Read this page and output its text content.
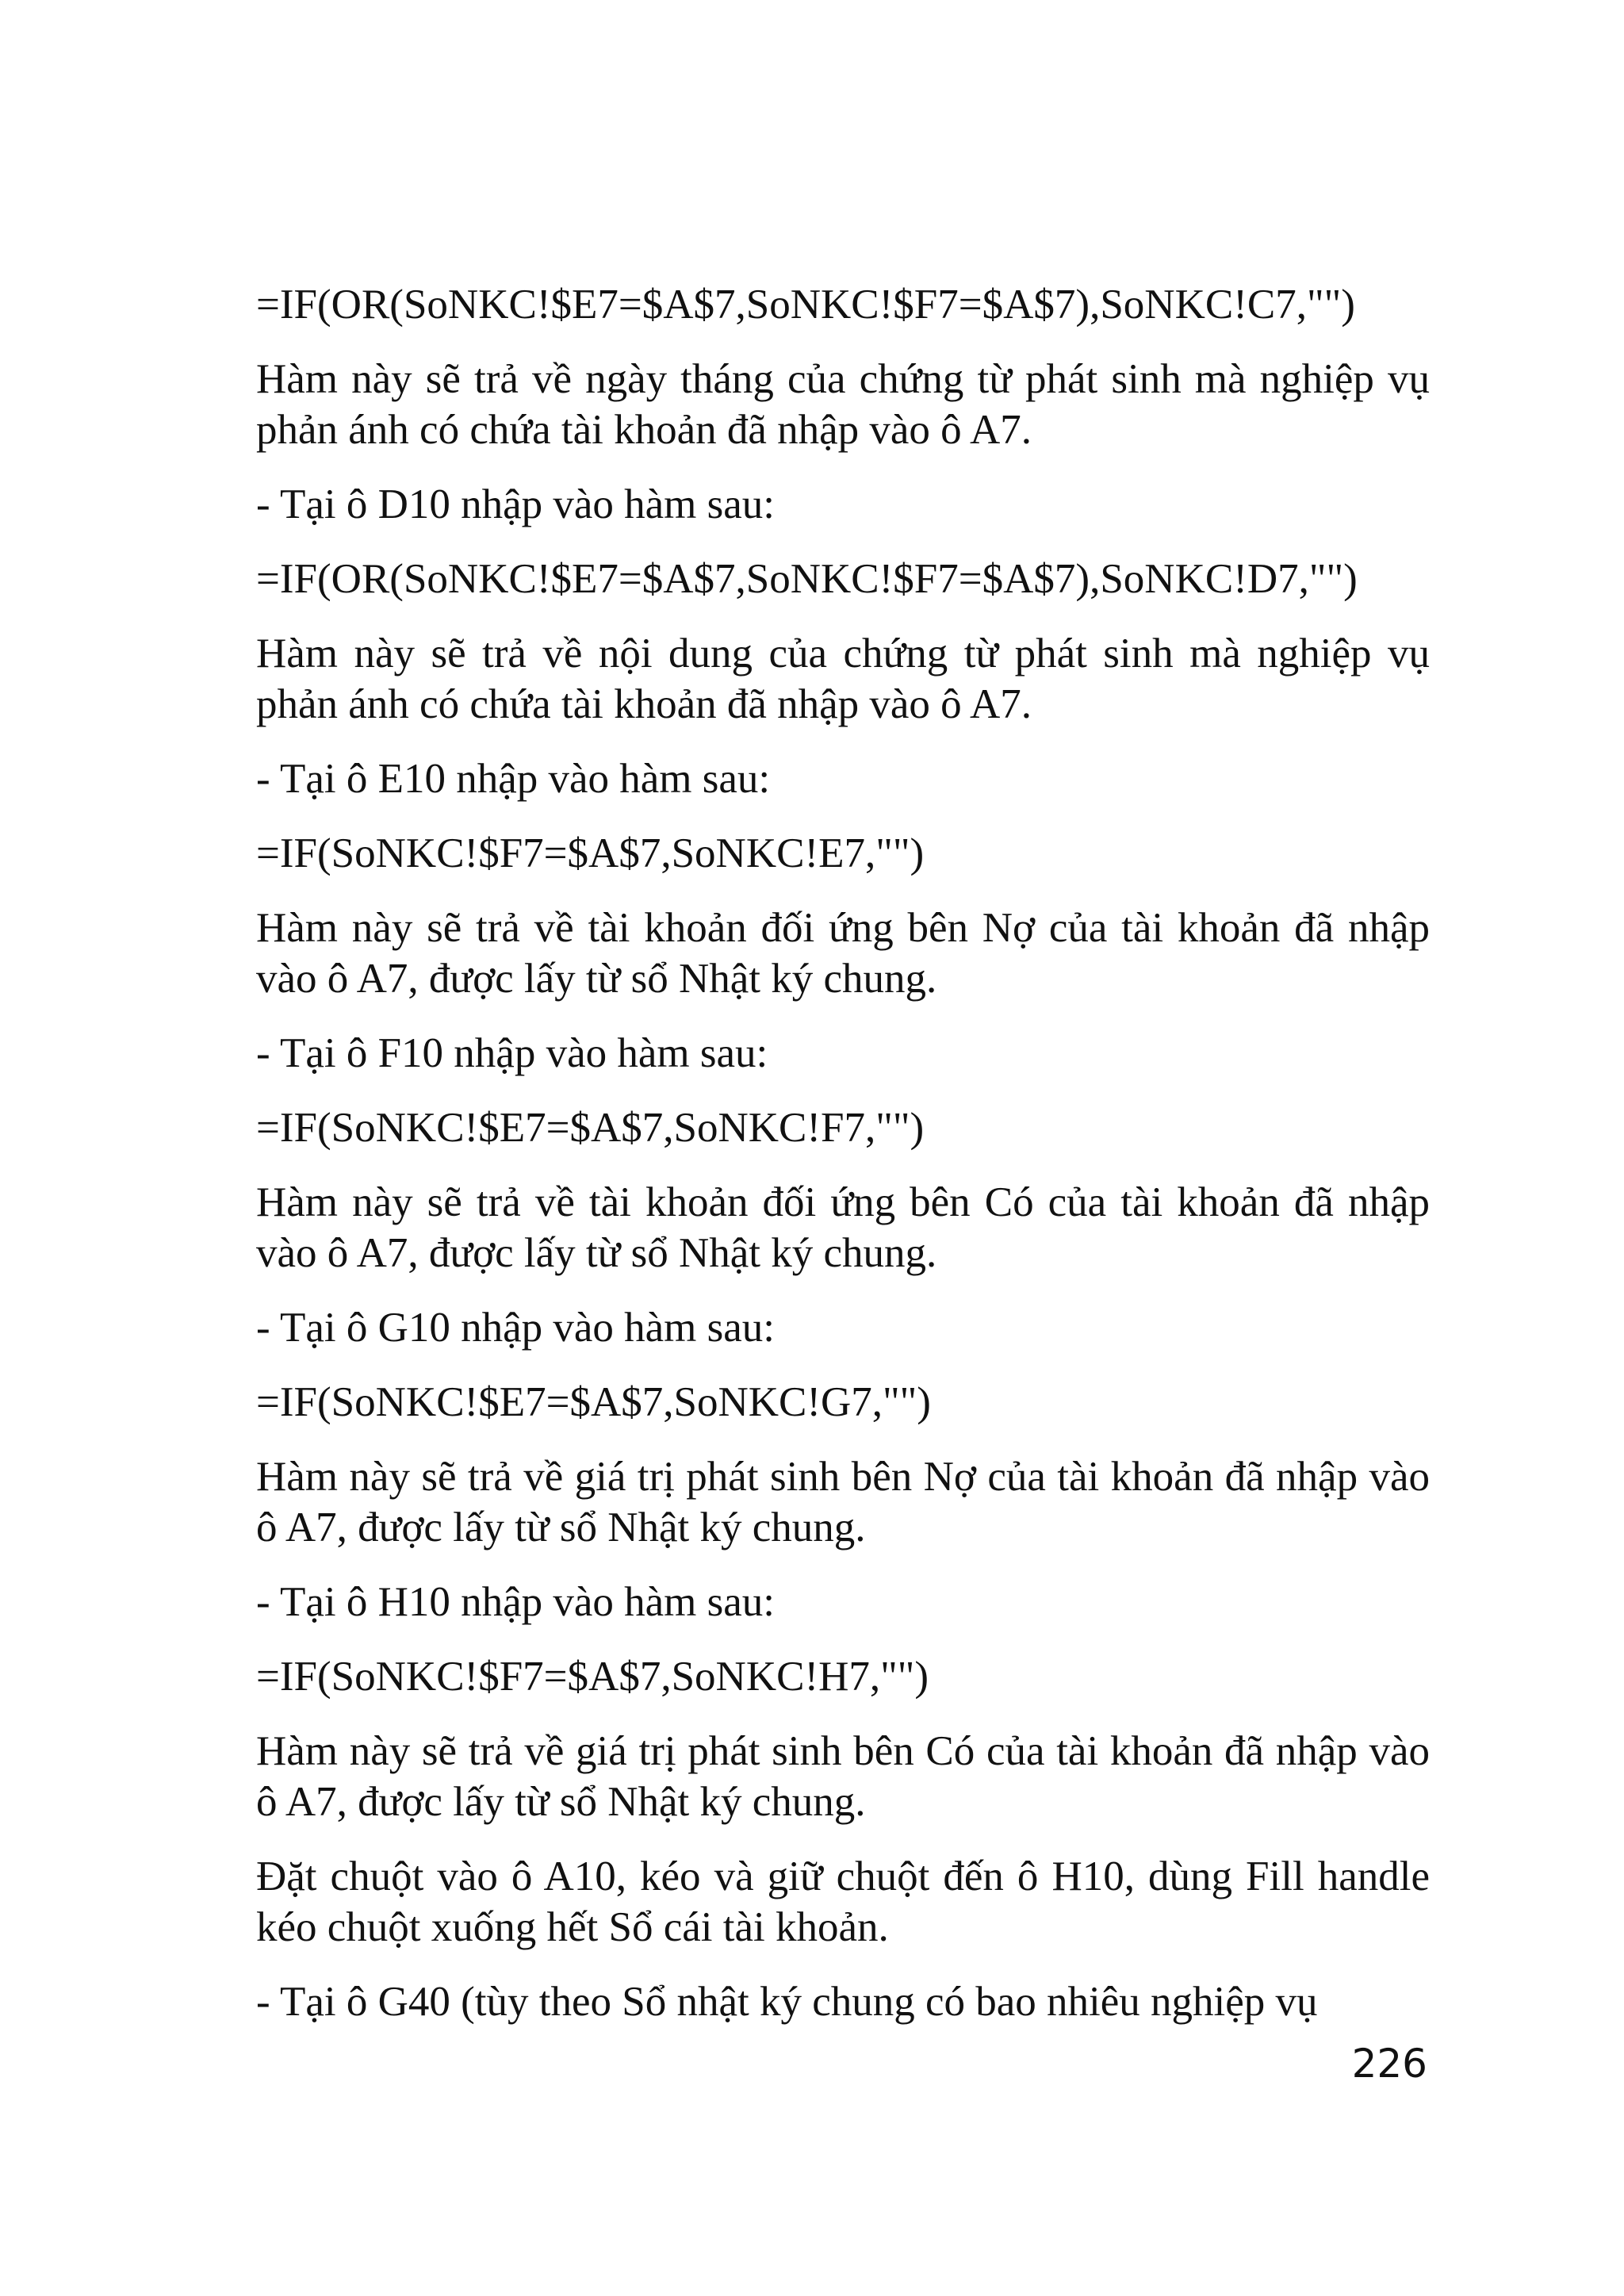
=IF(OR(SoNKC!$E7=$A$7,SoNKC!$F7=$A$7),SoNKC!C7,"")

Hàm này sẽ trả về ngày tháng của chứng từ phát sinh mà nghiệp vụ phản ánh có chứa tài khoản đã nhập vào ô A7.

- Tại ô D10 nhập vào hàm sau:

=IF(OR(SoNKC!$E7=$A$7,SoNKC!$F7=$A$7),SoNKC!D7,"")

Hàm này sẽ trả về nội dung của chứng từ phát sinh mà nghiệp vụ phản ánh có chứa tài khoản đã nhập vào ô A7.

- Tại ô E10 nhập vào hàm sau:

=IF(SoNKC!$F7=$A$7,SoNKC!E7,"")

Hàm này sẽ trả về tài khoản đối ứng bên Nợ của tài khoản đã nhập vào ô A7, được lấy từ sổ Nhật ký chung.

- Tại ô F10 nhập vào hàm sau:

=IF(SoNKC!$E7=$A$7,SoNKC!F7,"")

Hàm này sẽ trả về tài khoản đối ứng bên Có của tài khoản đã nhập vào ô A7, được lấy từ sổ Nhật ký chung.

- Tại ô G10 nhập vào hàm sau:

=IF(SoNKC!$E7=$A$7,SoNKC!G7,"")

Hàm này sẽ trả về giá trị phát sinh bên Nợ của tài khoản đã nhập vào ô A7, được lấy từ sổ Nhật ký chung.

- Tại ô H10 nhập vào hàm sau:

=IF(SoNKC!$F7=$A$7,SoNKC!H7,"")

Hàm này sẽ trả về giá trị phát sinh bên Có của tài khoản đã nhập vào ô A7, được lấy từ sổ Nhật ký chung.

Đặt chuột vào ô A10, kéo và giữ chuột đến ô H10, dùng Fill handle kéo chuột xuống hết Sổ cái tài khoản.

- Tại ô G40 (tùy theo Sổ nhật ký chung có bao nhiêu nghiệp vụ

226
